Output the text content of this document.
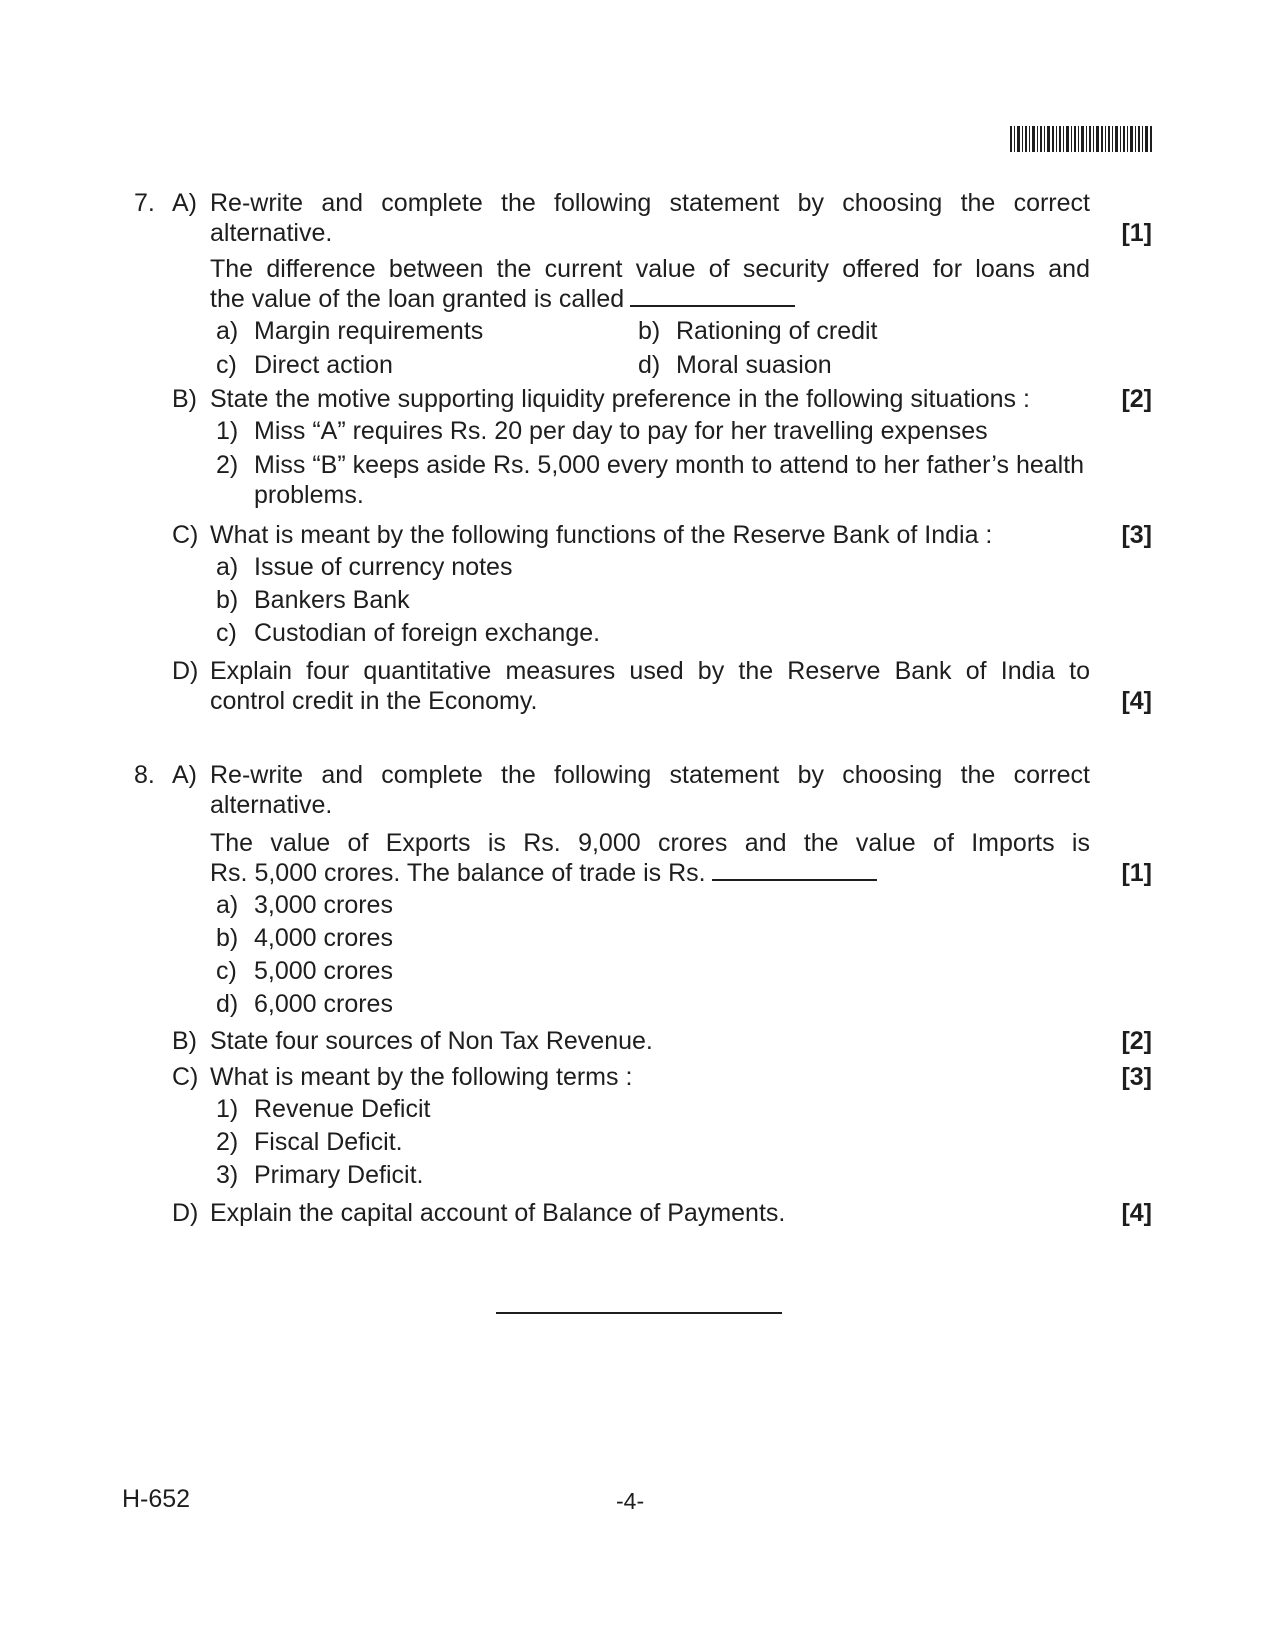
7. A) Re-write and complete the following statement by choosing the correct
alternative.	[1]
The difference between the current value of security offered for loans and
the value of the loan granted is called
a) Margin requirements	b) Rationing of credit
c) Direct action	d) Moral suasion
B) State the motive supporting liquidity preference in the following situations :	[2]
1) Miss “A” requires Rs. 20 per day to pay for her travelling expenses
2) Miss “B” keeps aside Rs. 5,000 every month to attend to her father’s health
problems.
C) What is meant by the following functions of the Reserve Bank of India :	[3]
a) Issue of currency notes
b) Bankers Bank
c) Custodian of foreign exchange.
D) Explain four quantitative measures used by the Reserve Bank of India to
control credit in the Economy.	[4]
8. A) Re-write and complete the following statement by choosing the correct
alternative.
The value of Exports is Rs. 9,000 crores and the value of Imports is
Rs. 5,000 crores. The balance of trade is Rs.	[1]
a) 3,000 crores
b) 4,000 crores
c) 5,000 crores
d) 6,000 crores
B) State four sources of Non Tax Revenue.	[2]
C) What is meant by the following terms :	[3]
1) Revenue Deficit
2) Fiscal Deficit.
3) Primary Deficit.
D) Explain the capital account of Balance of Payments.	[4]
H-652	-4-
